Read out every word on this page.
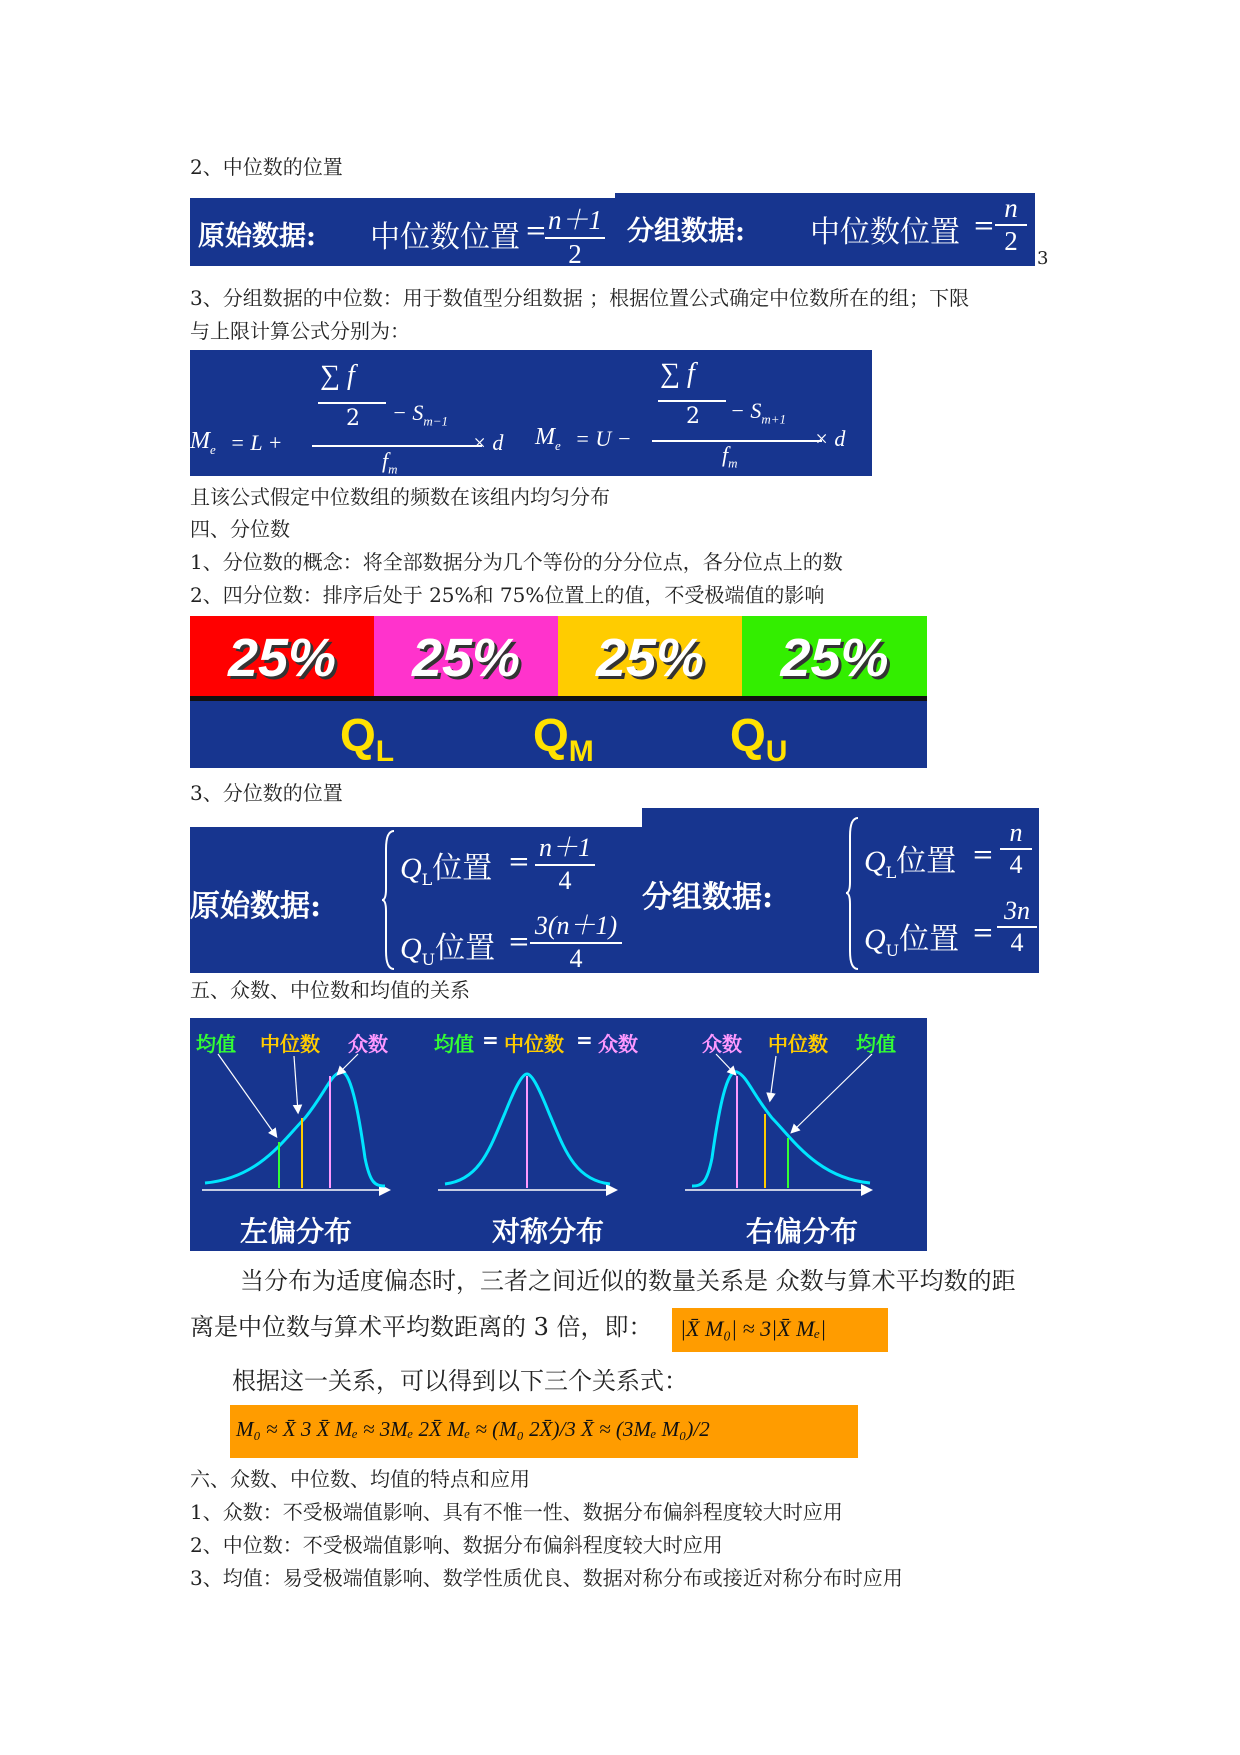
2、中位数的位置
原始数据: 中位数位置 =
$\frac{n+1}{2}$ 分组数据: 中位数位置 = $\frac{n}{2}$
3
3、分组数据的中位数：用于数值型分组数据 ；根据位置公式确定中位数所在的组；下限
与上限计算公式分别为：
$M_e = L$ +
∑ f
$2 - S_{m-1}$
$f_m$
× d $M_e = U$ −
∑ f
$2 - S_{m+1}$
$f_m$
× d
且该公式假定中位数组的频数在该组内均匀分布
四、分位数
1、分位数的概念：将全部数据分为几个等份的分分位点，各分位点上的数
2、四分位数：排序后处于 25%和 75%位置上的值，不受极端值的影响
25%	25%	25%	25%
$Q_L$	$Q_M$	$Q_U$
3、分位数的位置
原始数据:
$Q_L$位置 = $\frac{n+1}{4}$
$Q_U$位置 = $\frac{3(n+1)}{4}$
分组数据:
$Q_L$位置 = $\frac{n}{4}$
$Q_U$位置 = $\frac{3n}{4}$
五、众数、中位数和均值的关系
均值 中位数 众数 均值 = 中位数 = 众数	众数 中位数 均值
左偏分布	对称分布	右偏分布
当分布为适度偏态时，三者之间近似的数量关系是 众数与算术平均数的距
离是中位数与算术平均数距离的 3 倍，即： |X̄ M₀| ≈ 3|X̄ Mₑ|
根据这一关系，可以得到以下三个关系式：
M₀ ≈ X̄ 3 X̄ Mₑ ≈ 3Mₑ 2X̄ Mₑ ≈ (M₀ 2X̄)/3 X̄ ≈ (3Mₑ M₀)/2
六、众数、中位数、均值的特点和应用
1、众数：不受极端值影响、具有不惟一性、数据分布偏斜程度较大时应用
2、中位数：不受极端值影响、数据分布偏斜程度较大时应用
3、均值：易受极端值影响、数学性质优良、数据对称分布或接近对称分布时应用
